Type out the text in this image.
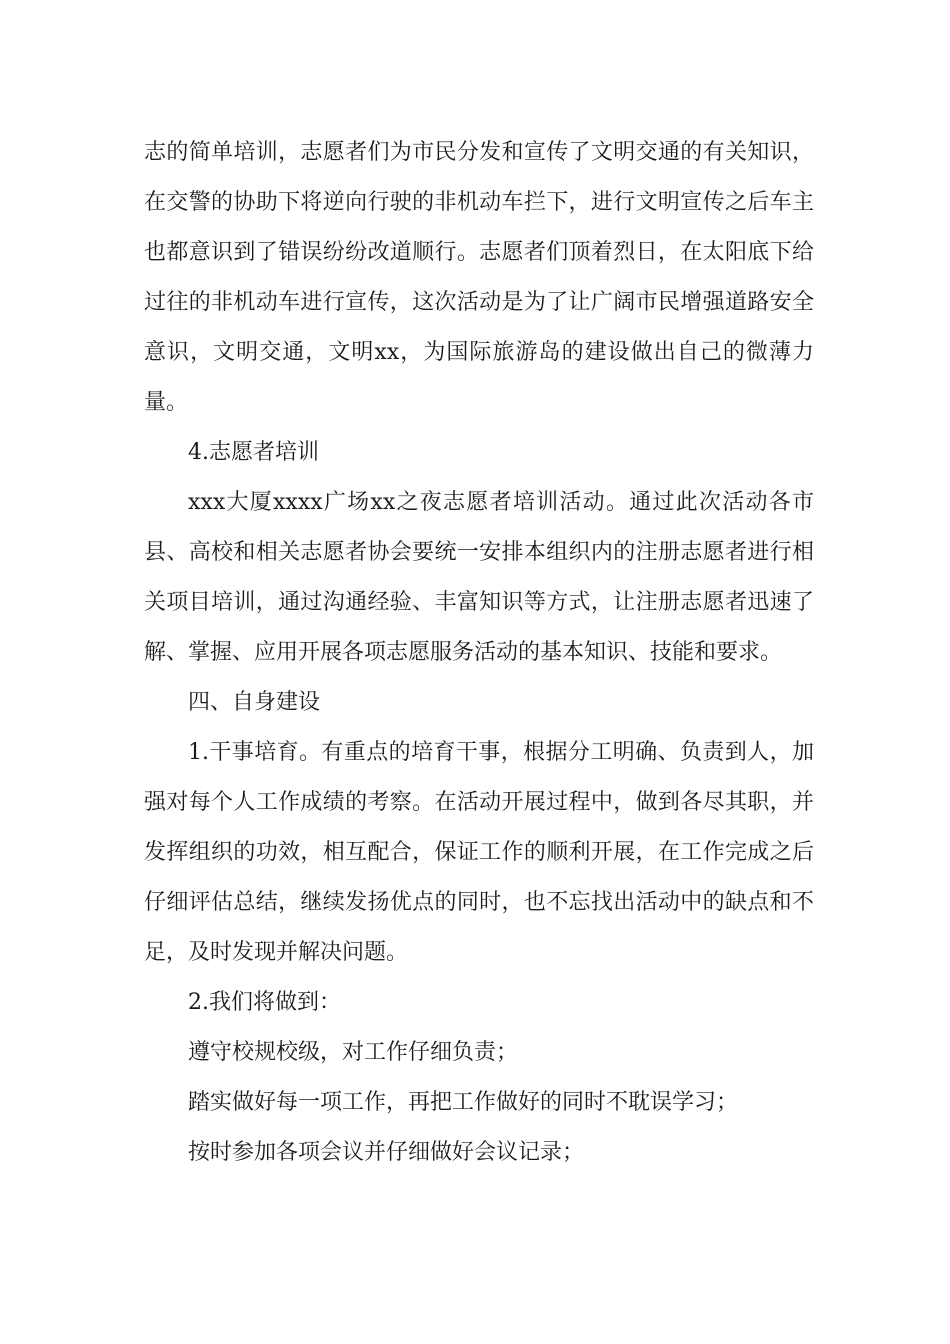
志的简单培训，志愿者们为市民分发和宣传了文明交通的有关知识，在交警的协助下将逆向行驶的非机动车拦下，进行文明宣传之后车主也都意识到了错误纷纷改道顺行。志愿者们顶着烈日，在太阳底下给过往的非机动车进行宣传，这次活动是为了让广阔市民增强道路安全意识，文明交通，文明xx，为国际旅游岛的建设做出自己的微薄力量。

4.志愿者培训

xxx大厦xxxx广场xx之夜志愿者培训活动。通过此次活动各市县、高校和相关志愿者协会要统一安排本组织内的注册志愿者进行相关项目培训，通过沟通经验、丰富知识等方式，让注册志愿者迅速了解、掌握、应用开展各项志愿服务活动的基本知识、技能和要求。

四、自身建设

1.干事培育。有重点的培育干事，根据分工明确、负责到人，加强对每个人工作成绩的考察。在活动开展过程中，做到各尽其职，并发挥组织的功效，相互配合，保证工作的顺利开展，在工作完成之后仔细评估总结，继续发扬优点的同时，也不忘找出活动中的缺点和不足，及时发现并解决问题。

2.我们将做到：

遵守校规校级，对工作仔细负责；

踏实做好每一项工作，再把工作做好的同时不耽误学习；

按时参加各项会议并仔细做好会议记录；
